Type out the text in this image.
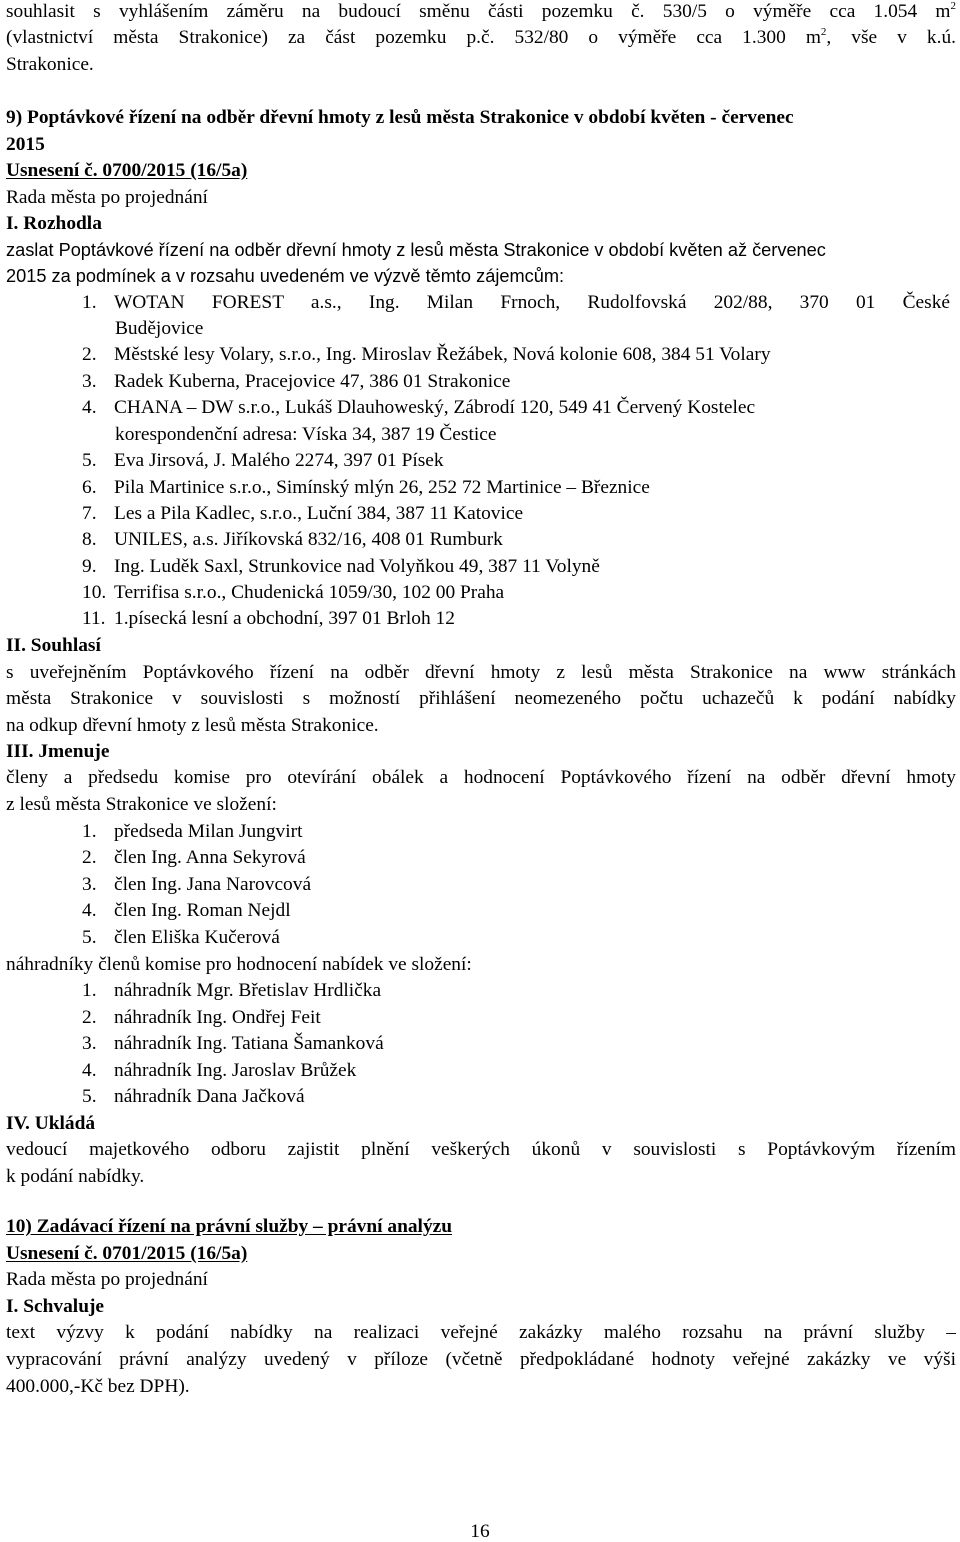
souhlasit s vyhlášením záměru na budoucí směnu části pozemku č. 530/5 o výměře cca 1.054 $m^2$
(vlastnictví města Strakonice) za část pozemku p.č. 532/80 o výměře cca 1.300 $m^2$, vše v k.ú.
Strakonice.
9) Poptávkové řízení na odběr dřevní hmoty z lesů města Strakonice v období květen - červenec
2015
Usnesení č. 0700/2015 (16/5a)
Rada města po projednání
I. Rozhodla
zaslat Poptávkové řízení na odběr dřevní hmoty z lesů města Strakonice v období květen až červenec
2015 za podmínek a v rozsahu uvedeném ve výzvě těmto zájemcům:
1. WOTAN FOREST a.s., Ing. Milan Frnoch, Rudolfovská 202/88, 370 01 České
Budějovice
2. Městské lesy Volary, s.r.o., Ing. Miroslav Řežábek, Nová kolonie 608, 384 51 Volary
3. Radek Kuberna, Pracejovice 47, 386 01 Strakonice
4. CHANA – DW s.r.o., Lukáš Dlauhoweský, Zábrodí 120, 549 41 Červený Kostelec
korespondenční adresa: Víska 34, 387 19 Čestice
5. Eva Jirsová, J. Malého 2274, 397 01 Písek
6. Pila Martinice s.r.o., Simínský mlýn 26, 252 72 Martinice – Březnice
7. Les a Pila Kadlec, s.r.o., Luční 384, 387 11 Katovice
8. UNILES, a.s. Jiříkovská 832/16, 408 01 Rumburk
9. Ing. Luděk Saxl, Strunkovice nad Volyňkou 49, 387 11 Volyně
10. Terrifisa s.r.o., Chudenická 1059/30, 102 00 Praha
11. 1.písecká lesní a obchodní, 397 01 Brloh 12
II. Souhlasí
s uveřejněním Poptávkového řízení na odběr dřevní hmoty z lesů města Strakonice na www stránkách
města Strakonice v souvislosti s možností přihlášení neomezeného počtu uchazečů k podání nabídky
na odkup dřevní hmoty z lesů města Strakonice.
III. Jmenuje
členy a předsedu komise pro otevírání obálek a hodnocení Poptávkového řízení na odběr dřevní hmoty
z lesů města Strakonice ve složení:
1. předseda Milan Jungvirt
2. člen Ing. Anna Sekyrová
3. člen Ing. Jana Narovcová
4. člen Ing. Roman Nejdl
5. člen Eliška Kučerová
náhradníky členů komise pro hodnocení nabídek ve složení:
1. náhradník Mgr. Břetislav Hrdlička
2. náhradník Ing. Ondřej Feit
3. náhradník Ing. Tatiana Šamanková
4. náhradník Ing. Jaroslav Brůžek
5. náhradník Dana Jačková
IV. Ukládá
vedoucí majetkového odboru zajistit plnění veškerých úkonů v souvislosti s Poptávkovým řízením
k podání nabídky.
10) Zadávací řízení na právní služby – právní analýzu
Usnesení č. 0701/2015 (16/5a)
Rada města po projednání
I. Schvaluje
text výzvy k podání nabídky na realizaci veřejné zakázky malého rozsahu na právní služby –
vypracování právní analýzy uvedený v příloze (včetně předpokládané hodnoty veřejné zakázky ve výši
400.000,-Kč bez DPH).
16
